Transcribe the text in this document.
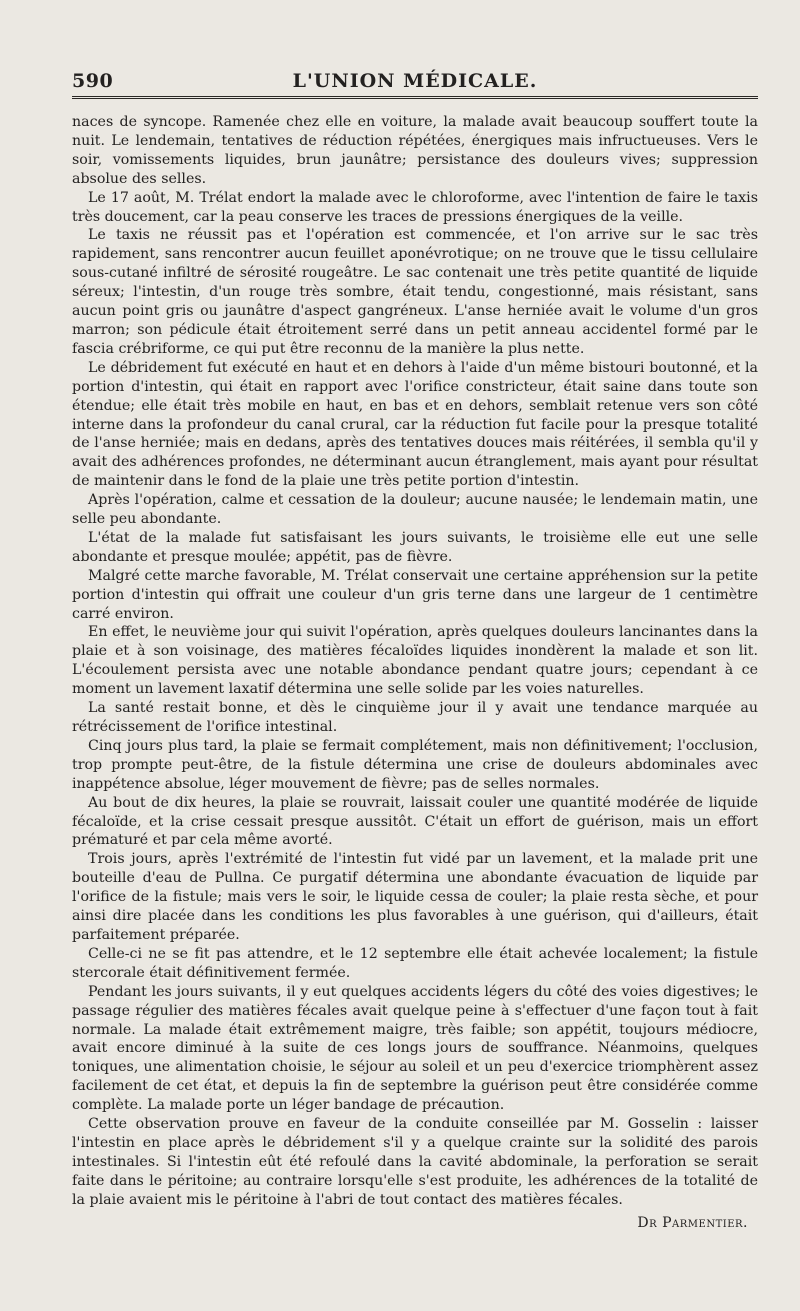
590	L'UNION MÉDICALE.

naces de syncope. Ramenée chez elle en voiture, la malade avait beaucoup souffert toute la nuit. Le lendemain, tentatives de réduction répétées, énergiques mais infructueuses. Vers le soir, vomissements liquides, brun jaunâtre; persistance des douleurs vives; suppression absolue des selles.

Le 17 août, M. Trélat endort la malade avec le chloroforme, avec l'intention de faire le taxis très doucement, car la peau conserve les traces de pressions énergiques de la veille.

Le taxis ne réussit pas et l'opération est commencée, et l'on arrive sur le sac très rapidement, sans rencontrer aucun feuillet aponévrotique; on ne trouve que le tissu cellulaire sous-cutané infiltré de sérosité rougeâtre. Le sac contenait une très petite quantité de liquide séreux; l'intestin, d'un rouge très sombre, était tendu, congestionné, mais résistant, sans aucun point gris ou jaunâtre d'aspect gangréneux. L'anse herniée avait le volume d'un gros marron; son pédicule était étroitement serré dans un petit anneau accidentel formé par le fascia crébriforme, ce qui put être reconnu de la manière la plus nette.

Le débridement fut exécuté en haut et en dehors à l'aide d'un même bistouri boutonné, et la portion d'intestin, qui était en rapport avec l'orifice constricteur, était saine dans toute son étendue; elle était très mobile en haut, en bas et en dehors, semblait retenue vers son côté interne dans la profondeur du canal crural, car la réduction fut facile pour la presque totalité de l'anse herniée; mais en dedans, après des tentatives douces mais réitérées, il sembla qu'il y avait des adhérences profondes, ne déterminant aucun étranglement, mais ayant pour résultat de maintenir dans le fond de la plaie une très petite portion d'intestin.

Après l'opération, calme et cessation de la douleur; aucune nausée; le lendemain matin, une selle peu abondante.

L'état de la malade fut satisfaisant les jours suivants, le troisième elle eut une selle abondante et presque moulée; appétit, pas de fièvre.

Malgré cette marche favorable, M. Trélat conservait une certaine appréhension sur la petite portion d'intestin qui offrait une couleur d'un gris terne dans une largeur de 1 centimètre carré environ.

En effet, le neuvième jour qui suivit l'opération, après quelques douleurs lancinantes dans la plaie et à son voisinage, des matières fécaloïdes liquides inondèrent la malade et son lit. L'écoulement persista avec une notable abondance pendant quatre jours; cependant à ce moment un lavement laxatif détermina une selle solide par les voies naturelles.

La santé restait bonne, et dès le cinquième jour il y avait une tendance marquée au rétrécissement de l'orifice intestinal.

Cinq jours plus tard, la plaie se fermait complétement, mais non définitivement; l'occlusion, trop prompte peut-être, de la fistule détermina une crise de douleurs abdominales avec inappétence absolue, léger mouvement de fièvre; pas de selles normales.

Au bout de dix heures, la plaie se rouvrait, laissait couler une quantité modérée de liquide fécaloïde, et la crise cessait presque aussitôt. C'était un effort de guérison, mais un effort prématuré et par cela même avorté.

Trois jours, après l'extrémité de l'intestin fut vidé par un lavement, et la malade prit une bouteille d'eau de Pullna. Ce purgatif détermina une abondante évacuation de liquide par l'orifice de la fistule; mais vers le soir, le liquide cessa de couler; la plaie resta sèche, et pour ainsi dire placée dans les conditions les plus favorables à une guérison, qui d'ailleurs, était parfaitement préparée.

Celle-ci ne se fit pas attendre, et le 12 septembre elle était achevée localement; la fistule stercorale était définitivement fermée.

Pendant les jours suivants, il y eut quelques accidents légers du côté des voies digestives; le passage régulier des matières fécales avait quelque peine à s'effectuer d'une façon tout à fait normale. La malade était extrêmement maigre, très faible; son appétit, toujours médiocre, avait encore diminué à la suite de ces longs jours de souffrance. Néanmoins, quelques toniques, une alimentation choisie, le séjour au soleil et un peu d'exercice triomphèrent assez facilement de cet état, et depuis la fin de septembre la guérison peut être considérée comme complète. La malade porte un léger bandage de précaution.

Cette observation prouve en faveur de la conduite conseillée par M. Gosselin : laisser l'intestin en place après le débridement s'il y a quelque crainte sur la solidité des parois intestinales. Si l'intestin eût été refoulé dans la cavité abdominale, la perforation se serait faite dans le péritoine; au contraire lorsqu'elle s'est produite, les adhérences de la totalité de la plaie avaient mis le péritoine à l'abri de tout contact des matières fécales.

Dr Parmentier.
